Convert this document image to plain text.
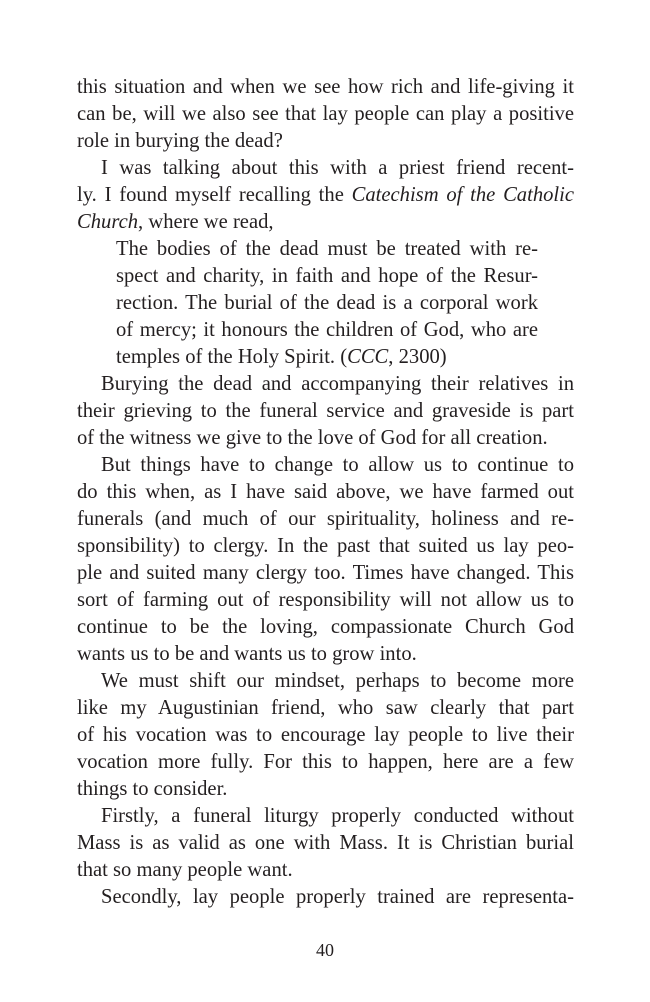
this situation and when we see how rich and life-giving it
can be, will we also see that lay people can play a positive
role in burying the dead?
I was talking about this with a priest friend recent-
ly. I found myself recalling the Catechism of the Catholic
Church, where we read,
The bodies of the dead must be treated with re-
spect and charity, in faith and hope of the Resur-
rection. The burial of the dead is a corporal work
of mercy; it honours the children of God, who are
temples of the Holy Spirit. (CCC, 2300)
Burying the dead and accompanying their relatives in
their grieving to the funeral service and graveside is part
of the witness we give to the love of God for all creation.
But things have to change to allow us to continue to
do this when, as I have said above, we have farmed out
funerals (and much of our spirituality, holiness and re-
sponsibility) to clergy. In the past that suited us lay peo-
ple and suited many clergy too. Times have changed. This
sort of farming out of responsibility will not allow us to
continue to be the loving, compassionate Church God
wants us to be and wants us to grow into.
We must shift our mindset, perhaps to become more
like my Augustinian friend, who saw clearly that part
of his vocation was to encourage lay people to live their
vocation more fully. For this to happen, here are a few
things to consider.
Firstly, a funeral liturgy properly conducted without
Mass is as valid as one with Mass. It is Christian burial
that so many people want.
Secondly, lay people properly trained are representa-
40
